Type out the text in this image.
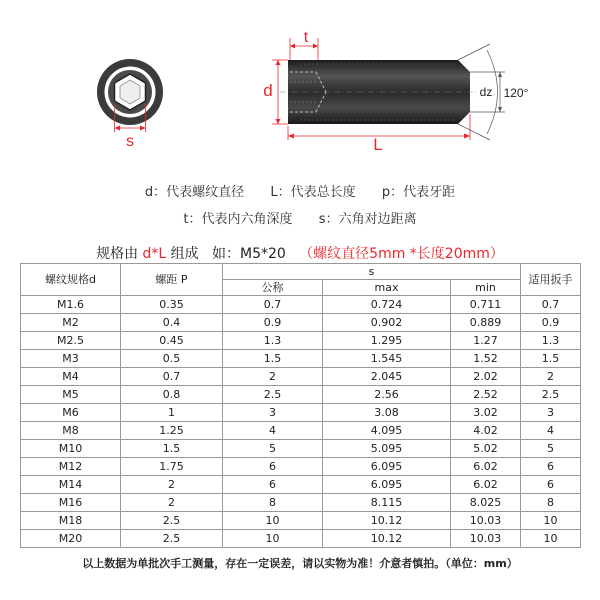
s
t
d
L
dz 120°
d：代表螺纹直径 L：代表总长度 p：代表牙距
t：代表内六角深度 s：六角对边距离
规格由 d*L 组成   如：M5*20   （螺纹直径5mm *长度20mm）
螺纹规格d	螺距 P	s			适用扳手
		公称	max	min	
M1.6	0.35	0.7	0.724	0.711	0.7
M2	0.4	0.9	0.902	0.889	0.9
M2.5	0.45	1.3	1.295	1.27	1.3
M3	0.5	1.5	1.545	1.52	1.5
M4	0.7	2	2.045	2.02	2
M5	0.8	2.5	2.56	2.52	2.5
M6	1	3	3.08	3.02	3
M8	1.25	4	4.095	4.02	4
M10	1.5	5	5.095	5.02	5
M12	1.75	6	6.095	6.02	6
M14	2	6	6.095	6.02	6
M16	2	8	8.115	8.025	8
M18	2.5	10	10.12	10.03	10
M20	2.5	10	10.12	10.03	10
以上数据为单批次手工测量，存在一定误差，请以实物为准！介意者慎拍。（单位：mm）
